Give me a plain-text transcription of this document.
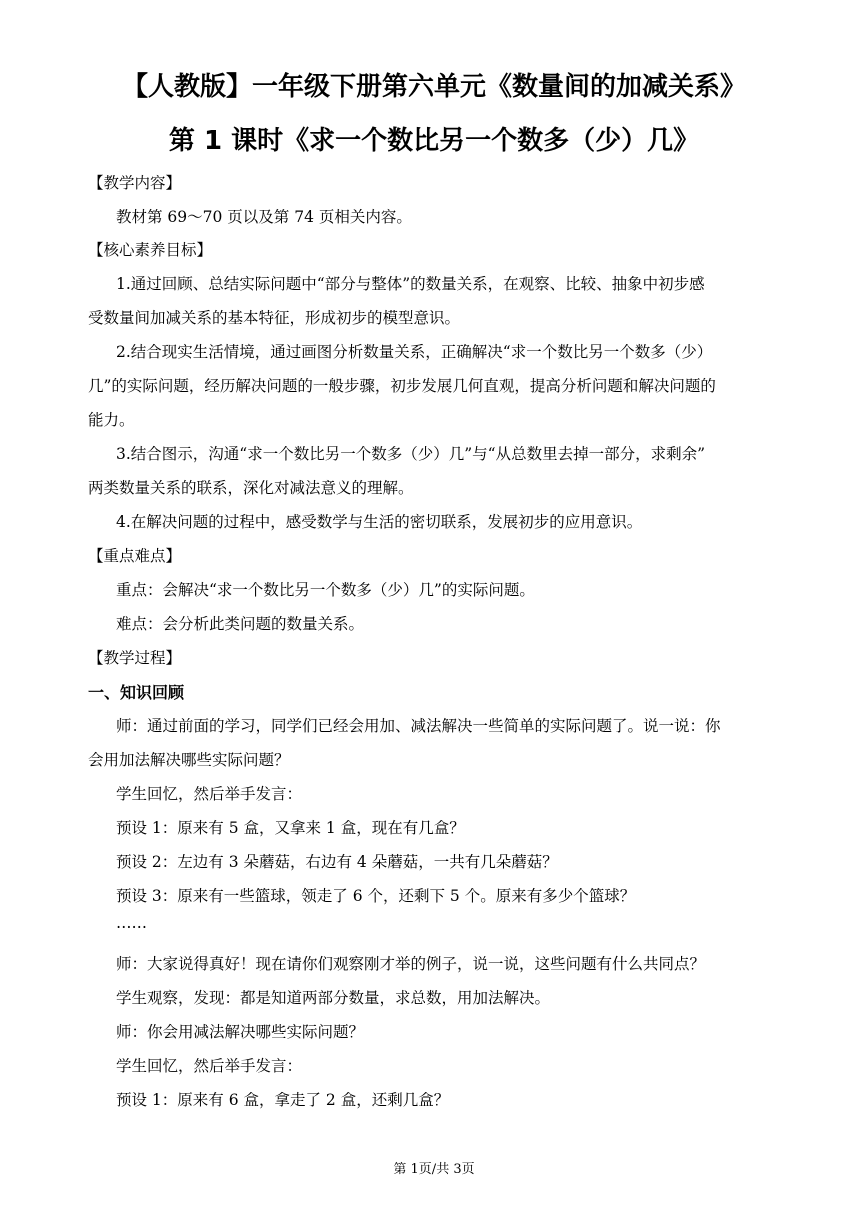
【人教版】一年级下册第六单元《数量间的加减关系》
第 1 课时《求一个数比另一个数多（少）几》
【教学内容】
教材第 69～70 页以及第 74 页相关内容。
【核心素养目标】
1.通过回顾、总结实际问题中“部分与整体”的数量关系，在观察、比较、抽象中初步感
受数量间加减关系的基本特征，形成初步的模型意识。
2.结合现实生活情境，通过画图分析数量关系，正确解决“求一个数比另一个数多（少）
几”的实际问题，经历解决问题的一般步骤，初步发展几何直观，提高分析问题和解决问题的
能力。
3.结合图示，沟通“求一个数比另一个数多（少）几”与“从总数里去掉一部分，求剩余”
两类数量关系的联系，深化对减法意义的理解。
4.在解决问题的过程中，感受数学与生活的密切联系，发展初步的应用意识。
【重点难点】
重点：会解决“求一个数比另一个数多（少）几”的实际问题。
难点：会分析此类问题的数量关系。
【教学过程】
一、知识回顾
师：通过前面的学习，同学们已经会用加、减法解决一些简单的实际问题了。说一说：你
会用加法解决哪些实际问题？
学生回忆，然后举手发言：
预设 1：原来有 5 盒，又拿来 1 盒，现在有几盒？
预设 2：左边有 3 朵蘑菇，右边有 4 朵蘑菇，一共有几朵蘑菇？
预设 3：原来有一些篮球，领走了 6 个，还剩下 5 个。原来有多少个篮球？
……
师：大家说得真好！现在请你们观察刚才举的例子，说一说，这些问题有什么共同点？
学生观察，发现：都是知道两部分数量，求总数，用加法解决。
师：你会用减法解决哪些实际问题？
学生回忆，然后举手发言：
预设 1：原来有 6 盒，拿走了 2 盒，还剩几盒？
第 1页/共 3页
